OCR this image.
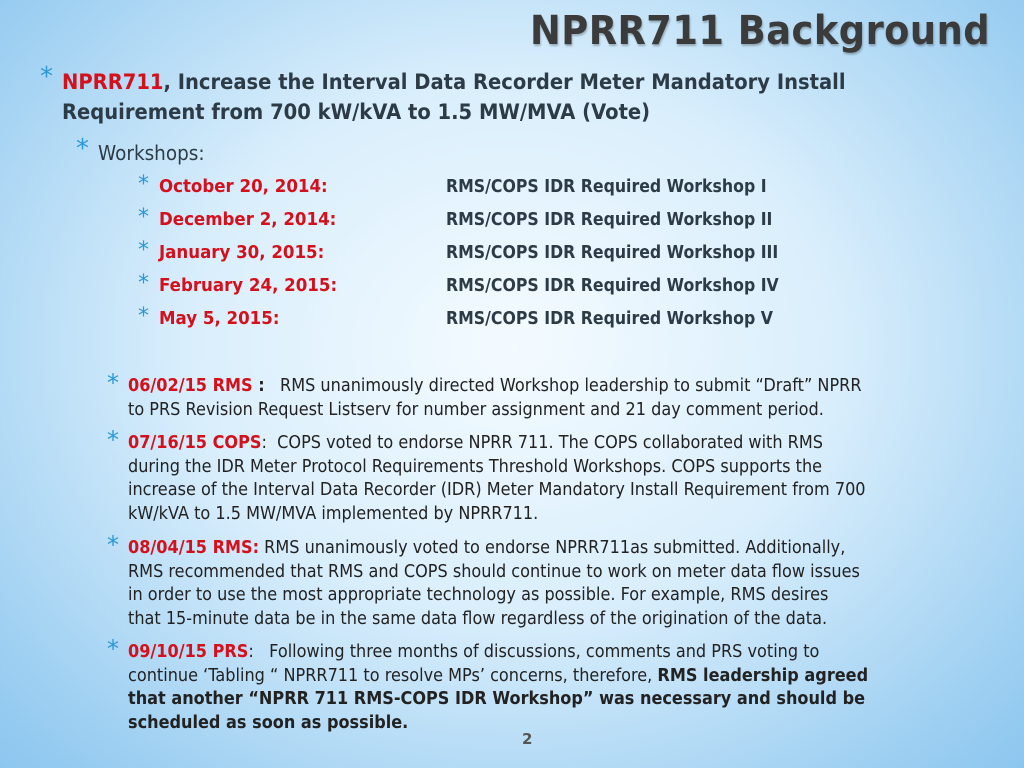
NPRR711 Background
* NPRR711, Increase the Interval Data Recorder Meter Mandatory Install
Requirement from 700 kW/kVA to 1.5 MW/MVA (Vote)
* Workshops:
* October 20, 2014:	RMS/COPS IDR Required Workshop I
* December 2, 2014:	RMS/COPS IDR Required Workshop II
* January 30, 2015:	RMS/COPS IDR Required Workshop III
* February 24, 2015:	RMS/COPS IDR Required Workshop IV
* May 5, 2015:	RMS/COPS IDR Required Workshop V
* 06/02/15 RMS : RMS unanimously directed Workshop leadership to submit “Draft” NPRR
to PRS Revision Request Listserv for number assignment and 21 day comment period.
* 07/16/15 COPS: COPS voted to endorse NPRR 711. The COPS collaborated with RMS
during the IDR Meter Protocol Requirements Threshold Workshops. COPS supports the
increase of the Interval Data Recorder (IDR) Meter Mandatory Install Requirement from 700
kW/kVA to 1.5 MW/MVA implemented by NPRR711.
* 08/04/15 RMS: RMS unanimously voted to endorse NPRR711as submitted. Additionally,
RMS recommended that RMS and COPS should continue to work on meter data flow issues
in order to use the most appropriate technology as possible. For example, RMS desires
that 15-minute data be in the same data flow regardless of the origination of the data.
* 09/10/15 PRS: Following three months of discussions, comments and PRS voting to
continue ‘Tabling “ NPRR711 to resolve MPs’ concerns, therefore, RMS leadership agreed
that another “NPRR 711 RMS-COPS IDR Workshop” was necessary and should be
scheduled as soon as possible.
2
